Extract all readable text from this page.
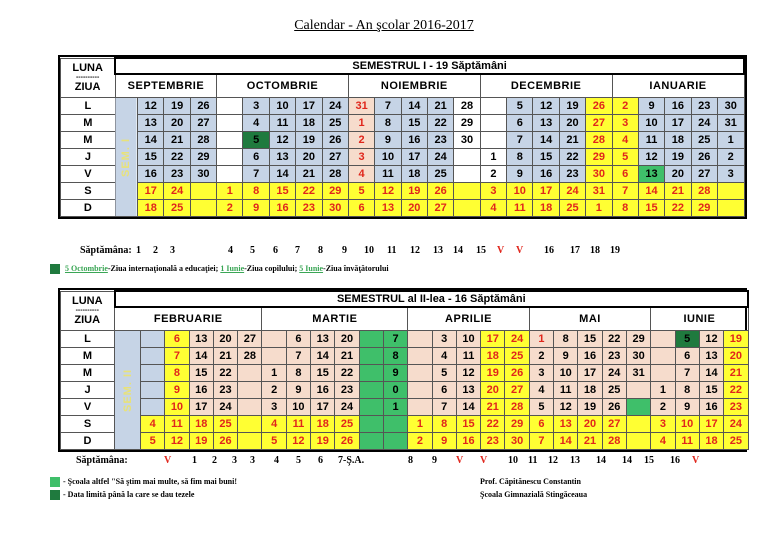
Calendar - An şcolar 2016-2017
LUNA
----------
ZIUA	SEMESTRUL I - 19 Săptămâni																							
	SEPTEMBRIE				OCTOMBRIE					NOIEMBRIE					DECEMBRIE					IANUARIE				

L	SEM. I	12	19	26		3	10	17	24	31	7	14	21	28		5	12	19	26	2	9	16	23	30
M		13	20	27		4	11	18	25	1	8	15	22	29		6	13	20	27	3	10	17	24	31
M		14	21	28		5	12	19	26	2	9	16	23	30		7	14	21	28	4	11	18	25	1
J		15	22	29		6	13	20	27	3	10	17	24		1	8	15	22	29	5	12	19	26	2
V		16	23	30		7	14	21	28	4	11	18	25		2	9	16	23	30	6	13	20	27	3
S		17	24		1	8	15	22	29	5	12	19	26		3	10	17	24	31	7	14	21	28	
D		18	25		2	9	16	23	30	6	13	20	27		4	11	18	25	1	8	15	22	29	
Săptămâna: 1 2 3	4 5 6 7 8 9 10 11 12 13 14 15 V V 16 17 18 19
5 Octombrie-Ziua internaţională a educaţiei; 1 Iunie-Ziua copilului; 5 Iunie-Ziua învăţătorului
LUNA
----------
ZIUA	SEMESTRUL al II-lea - 16 Săptămâni																									
	FEBRUARIE						MARTIE						APRILIE					MAI					IUNIE			
L	SEM. II		6	13	20	27		6	13	20		7		3	10	17	24	1	8	15	22	29		5	12	19
M			7	14	21	28		7	14	21		8		4	11	18	25	2	9	16	23	30		6	13	20
M			8	15	22		1	8	15	22		9		5	12	19	26	3	10	17	24	31		7	14	21
J			9	16	23		2	9	16	23		0		6	13	20	27	4	11	18	25		1	8	15	22
V			10	17	24		3	10	17	24		1		7	14	21	28	5	12	19	26		2	9	16	23
S		4	11	18	25		4	11	18	25			1	8	15	22	29	6	13	20	27		3	10	17	24
D		5	12	19	26		5	12	19	26			2	9	16	23	30	7	14	21	28		4	11	18	25
Săptămâna:	V 1 2 3 3 4 5 6 7-Ş.A.	8 9 V V 10 11 12 13 14 14 15 16 V
- Şcoala altfel "Să ştim mai multe, să fim mai buni!
- Data limită până la care se dau tezele
Prof. Căpitănescu Constantin
Şcoala Gimnazială Stingăceaua
